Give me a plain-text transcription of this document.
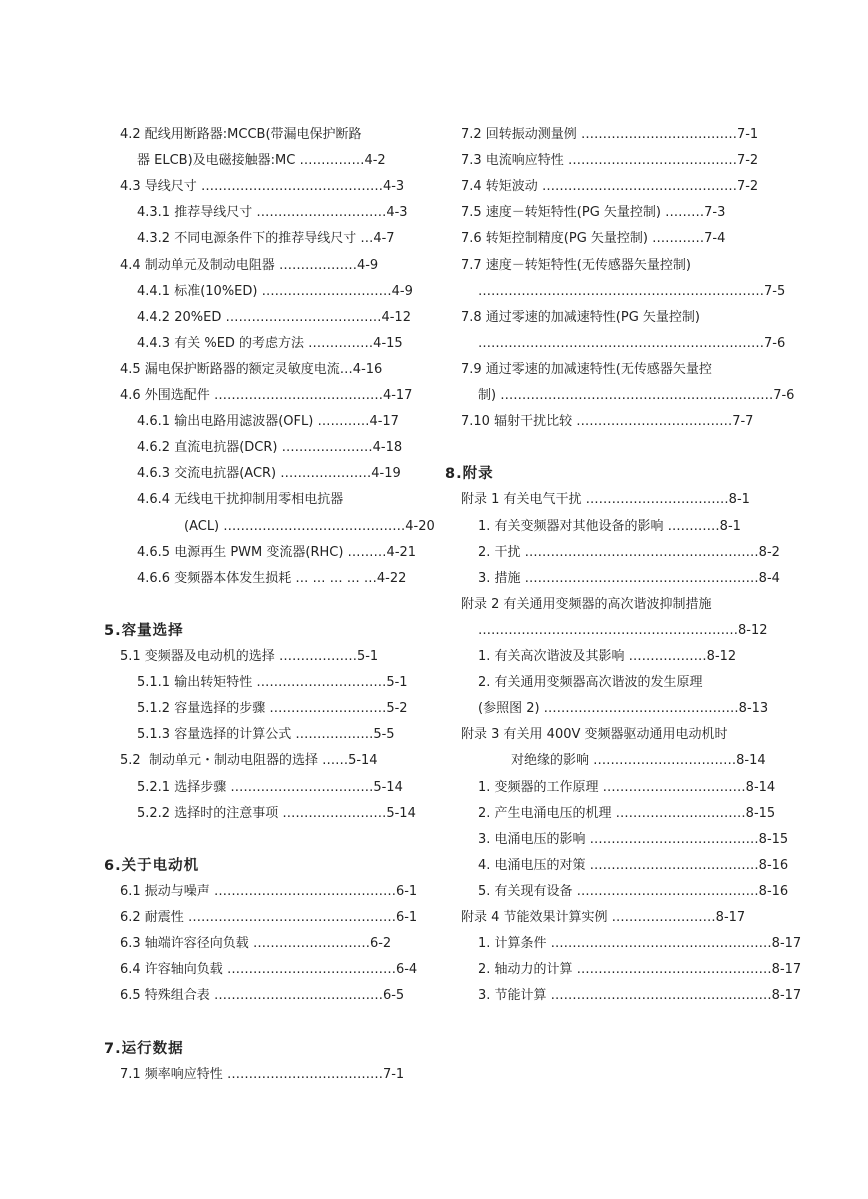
4.2 配线用断路器:MCCB(带漏电保护断路
器 ELCB)及电磁接触器:MC ……………4-2
4.3 导线尺寸 ……………………………………4-3
4.3.1 推荐导线尺寸 …………………………4-3
4.3.2 不同电源条件下的推荐导线尺寸 …4-7
4.4 制动单元及制动电阻器 ………………4-9
4.4.1 标准(10%ED) …………………………4-9
4.4.2 20%ED ………………………………4-12
4.4.3 有关 %ED 的考虑方法 ……………4-15
4.5 漏电保护断路器的额定灵敏度电流…4-16
4.6 外围选配件 …………………………………4-17
4.6.1 输出电路用滤波器(OFL) …………4-17
4.6.2 直流电抗器(DCR) …………………4-18
4.6.3 交流电抗器(ACR) …………………4-19
4.6.4 无线电干扰抑制用零相电抗器
(ACL) ……………………………………4-20
4.6.5 电源再生 PWM 变流器(RHC) ………4-21
4.6.6 变频器本体发生损耗 … … … … …4-22
5.容量选择
5.1 变频器及电动机的选择 ………………5-1
5.1.1 输出转矩特性 …………………………5-1
5.1.2 容量选择的步骤 ………………………5-2
5.1.3 容量选择的计算公式 ………………5-5
5.2  制动单元・制动电阻器的选择 ……5-14
5.2.1 选择步骤 ……………………………5-14
5.2.2 选择时的注意事项 ……………………5-14
6.关于电动机
6.1 振动与噪声 ……………………………………6-1
6.2 耐震性 …………………………………………6-1
6.3 轴端许容径向负载 ………………………6-2
6.4 许容轴向负载 …………………………………6-4
6.5 特殊组合表 …………………………………6-5
7.运行数据
7.1 频率响应特性 ………………………………7-1
7.2 回转振动测量例 ………………………………7-1
7.3 电流响应特性 …………………………………7-2
7.4 转矩波动 ………………………………………7-2
7.5 速度－转矩特性(PG 矢量控制) ………7-3
7.6 转矩控制精度(PG 矢量控制) …………7-4
7.7 速度－转矩特性(无传感器矢量控制)
…………………………………………………………7-5
7.8 通过零速的加减速特性(PG 矢量控制)
…………………………………………………………7-6
7.9 通过零速的加减速特性(无传感器矢量控
制) ………………………………………………………7-6
7.10 辐射干扰比较 ………………………………7-7
8.附录
附录 1 有关电气干扰 ……………………………8-1
1. 有关变频器对其他设备的影响 …………8-1
2. 干扰 ………………………………………………8-2
3. 措施 ………………………………………………8-4
附录 2 有关通用变频器的高次谐波抑制措施
……………………………………………………8-12
1. 有关高次谐波及其影响 ………………8-12
2. 有关通用变频器高次谐波的发生原理
(参照图 2) ………………………………………8-13
附录 3 有关用 400V 变频器驱动通用电动机时
对绝缘的影响 ……………………………8-14
1. 变频器的工作原理 ……………………………8-14
2. 产生电涌电压的机理 …………………………8-15
3. 电涌电压的影响 …………………………………8-15
4. 电涌电压的对策 …………………………………8-16
5. 有关现有设备 ……………………………………8-16
附录 4 节能效果计算实例 ……………………8-17
1. 计算条件 ……………………………………………8-17
2. 轴动力的计算 ………………………………………8-17
3. 节能计算 ……………………………………………8-17
